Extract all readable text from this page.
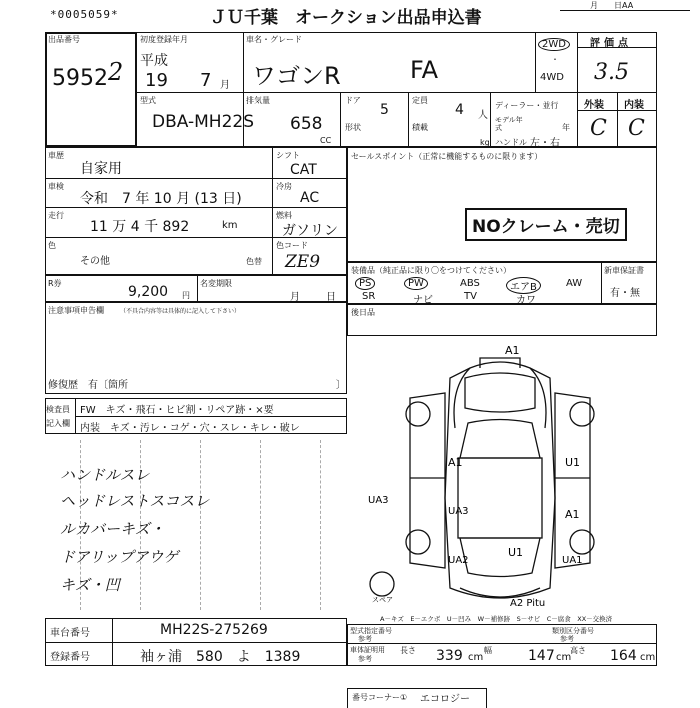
*0005059*	ＪＵ千葉　オークション出品申込書
月　　日AA
出品番号
5952 2
初度登録年月
平成
19 7 月
車名・グレード
ワゴンR	FA
2WD
・
4WD
評価点
3.5
外装 内装
C C
型式
DBA-MH22S
排気量
658
CC
ドア
5
形状
定員
4 人
積載
kg
ディーラー・並行
モデル年式	年
ハンドル 左・右
車歴
自家用
シフト
CAT
車検
令和　7 年 10 月 (13 日)
冷房
AC
走行
11 万 4 千 892	km
燃料
ガソリン
色
その他	色替
色コード
ZE9
R券
9,200 円
名変期限
月	日
セールスポイント（正常に機能するものに限ります）
NOクレーム・売切
装備品（純正品に限り〇をつけてください）
PS	PW	ABS	エアB	AW
SR	ナビ	TV	カワ
新車保証書
有・無
後日品
注意事項申告欄	（不具合内容等は具体的に記入して下さい）
修復歴　有〔箇所	〕
検査員
記入欄
FW　キズ・飛石・ヒビ割・リペア跡・×要
内装　キズ・汚レ・コゲ・穴・スレ・キレ・破レ
ハンドルスレ
ヘッドレストスコスレ
ルカバーキズ・
ドアリップアウゲ
キズ・凹
A1
A1	U1
UA3
UA3	A1
UA2
U1
UA1
A2 Pitu
スペア
A－キズ　E－エクボ　U－凹み　W－補修跡　S－サビ　C－腐食　XX－交換済
車台番号	MH22S-275269
登録番号	袖ヶ浦　580　よ　1389
型式指定番号
参考
類別区分番号
参考
車体証明用
参考
長さ 339 cm
幅	147 cm
高さ 164 cm
番号コーナー① エコロジー
